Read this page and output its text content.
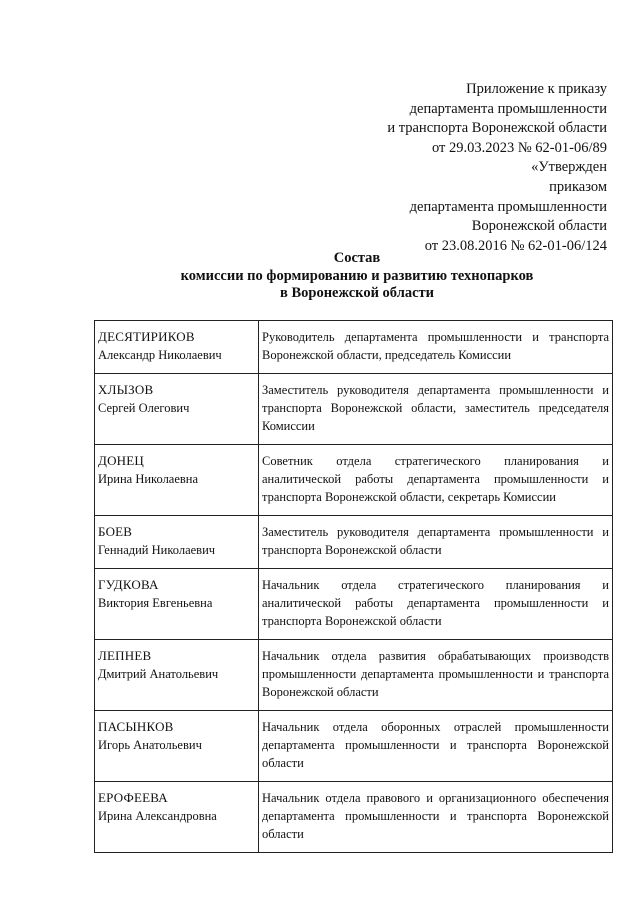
Приложение к приказу
департамента промышленности
и транспорта Воронежской области
от 29.03.2023 № 62-01-06/89
«Утвержден
приказом
департамента промышленности
Воронежской области
от 23.08.2016 № 62-01-06/124
Состав
комиссии по формированию и развитию технопарков
в Воронежской области
ДЕСЯТИРИКОВ
Александр Николаевич	Руководитель департамента промышленности и транспорта Воронежской области, председатель Комиссии

ХЛЫЗОВ
Сергей Олегович	Заместитель руководителя департамента промышленности и транспорта Воронежской области, заместитель председателя Комиссии

ДОНЕЦ
Ирина Николаевна	Советник отдела стратегического планирования и аналитической работы департамента промышленности и транспорта Воронежской области, секретарь Комиссии

БОЕВ
Геннадий Николаевич	Заместитель руководителя департамента промышленности и транспорта Воронежской области

ГУДКОВА
Виктория Евгеньевна	Начальник отдела стратегического планирования и аналитической работы департамента промышленности и транспорта Воронежской области

ЛЕПНЕВ
Дмитрий Анатольевич	Начальник отдела развития обрабатывающих производств промышленности департамента промышленности и транспорта Воронежской области

ПАСЫНКОВ
Игорь Анатольевич	Начальник отдела оборонных отраслей промышленности департамента промышленности и транспорта Воронежской области

ЕРОФЕЕВА
Ирина Александровна	Начальник отдела правового и организационного обеспечения департамента промышленности и транспорта Воронежской области
